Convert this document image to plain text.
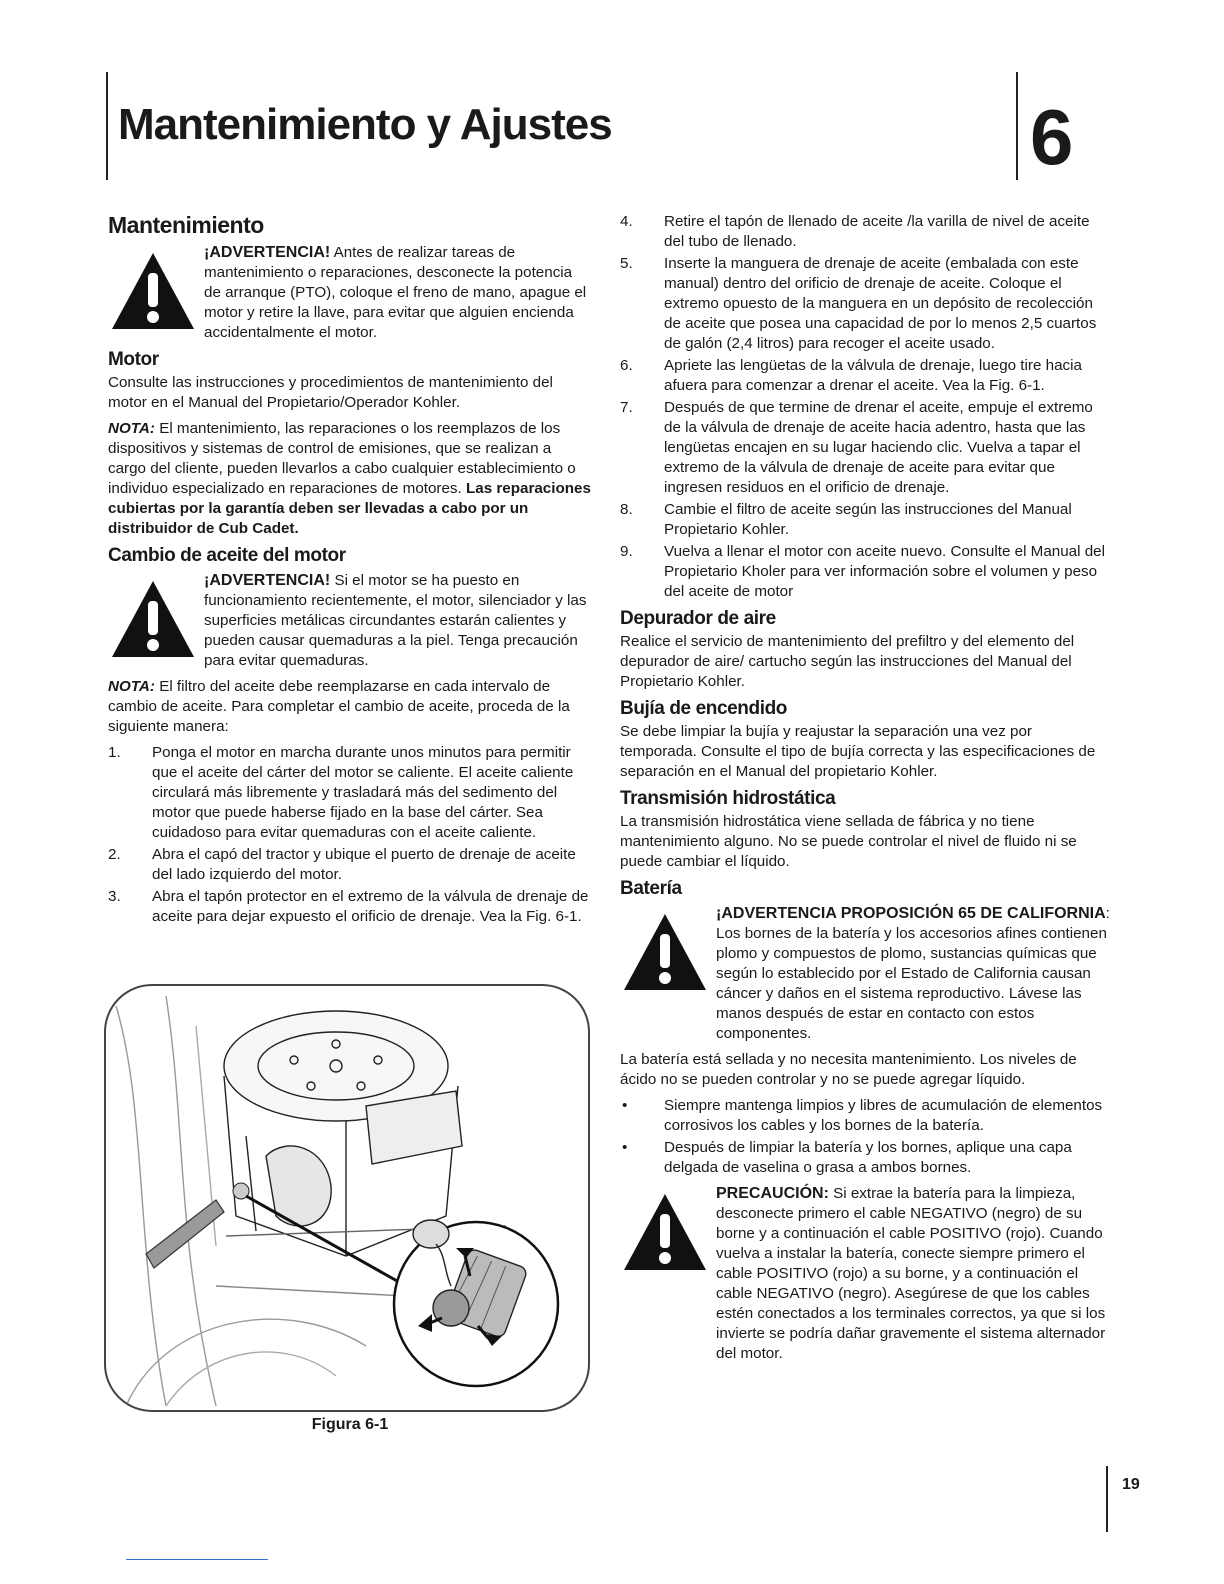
Mantenimiento y Ajustes	6
Mantenimiento

¡ADVERTENCIA! Antes de realizar tareas de mantenimiento o reparaciones, desconecte la potencia de arranque (PTO), coloque el freno de mano, apague el motor y retire la llave, para evitar que alguien encienda accidentalmente el motor.

Motor

Consulte las instrucciones y procedimientos de mantenimiento del motor en el Manual del Propietario/Operador Kohler.

NOTA: El mantenimiento, las reparaciones o los reemplazos de los dispositivos y sistemas de control de emisiones, que se realizan a cargo del cliente, pueden llevarlos a cabo cualquier establecimiento o individuo especializado en reparaciones de motores. Las reparaciones cubiertas por la garantía deben ser llevadas a cabo por un distribuidor de Cub Cadet.

Cambio de aceite del motor

¡ADVERTENCIA! Si el motor se ha puesto en funcionamiento recientemente, el motor, silenciador y las superficies metálicas circundantes estarán calientes y pueden causar quemaduras a la piel. Tenga precaución para evitar quemaduras.

NOTA: El filtro del aceite debe reemplazarse en cada intervalo de cambio de aceite. Para completar el cambio de aceite, proceda de la siguiente manera:

1. Ponga el motor en marcha durante unos minutos para permitir que el aceite del cárter del motor se caliente. El aceite caliente circulará más libremente y trasladará más del sedimento del motor que puede haberse fijado en la base del cárter. Sea cuidadoso para evitar quemaduras con el aceite caliente.
2. Abra el capó del tractor y ubique el puerto de drenaje de aceite del lado izquierdo del motor.
3. Abra el tapón protector en el extremo de la válvula de drenaje de aceite para dejar expuesto el orificio de drenaje. Vea la Fig. 6-1.
Figura 6-1
4. Retire el tapón de llenado de aceite /la varilla de nivel de aceite del tubo de llenado.
5. Inserte la manguera de drenaje de aceite (embalada con este manual) dentro del orificio de drenaje de aceite. Coloque el extremo opuesto de la manguera en un depósito de recolección de aceite que posea una capacidad de por lo menos 2,5 cuartos de galón (2,4 litros) para recoger el aceite usado.
6. Apriete las lengüetas de la válvula de drenaje, luego tire hacia afuera para comenzar a drenar el aceite. Vea la Fig. 6-1.
7. Después de que termine de drenar el aceite, empuje el extremo de la válvula de drenaje de aceite hacia adentro, hasta que las lengüetas encajen en su lugar haciendo clic. Vuelva a tapar el extremo de la válvula de drenaje de aceite para evitar que ingresen residuos en el orificio de drenaje.
8. Cambie el filtro de aceite según las instrucciones del Manual Propietario Kohler.
9. Vuelva a llenar el motor con aceite nuevo. Consulte el Manual del Propietario Kholer para ver información sobre el volumen y peso del aceite de motor
Depurador de aire

Realice el servicio de mantenimiento del prefiltro y del elemento del depurador de aire/ cartucho según las instrucciones del Manual del Propietario Kohler.

Bujía de encendido

Se debe limpiar la bujía y reajustar la separación una vez por temporada. Consulte el tipo de bujía correcta y las especificaciones de separación en el Manual del propietario Kohler.

Transmisión hidrostática

La transmisión hidrostática viene sellada de fábrica y no tiene mantenimiento alguno. No se puede controlar el nivel de fluido ni se puede cambiar el líquido.

Batería

¡ADVERTENCIA PROPOSICIÓN 65 DE CALIFORNIA: Los bornes de la batería y los accesorios afines contienen plomo y compuestos de plomo, sustancias químicas que según lo establecido por el Estado de California causan cáncer y daños en el sistema reproductivo. Lávese las manos después de estar en contacto con estos componentes.

La batería está sellada y no necesita mantenimiento. Los niveles de ácido no se pueden controlar y no se puede agregar líquido.

• Siempre mantenga limpios y libres de acumulación de elementos corrosivos los cables y los bornes de la batería.
• Después de limpiar la batería y los bornes, aplique una capa delgada de vaselina o grasa a ambos bornes.

PRECAUCIÓN: Si extrae la batería para la limpieza, desconecte primero el cable NEGATIVO (negro) de su borne y a continuación el cable POSITIVO (rojo). Cuando vuelva a instalar la batería, conecte siempre primero el cable POSITIVO (rojo) a su borne, y a continuación el cable NEGATIVO (negro). Asegúrese de que los cables estén conectados a los terminales correctos, ya que si los invierte se podría dañar gravemente el sistema alternador del motor.

19
